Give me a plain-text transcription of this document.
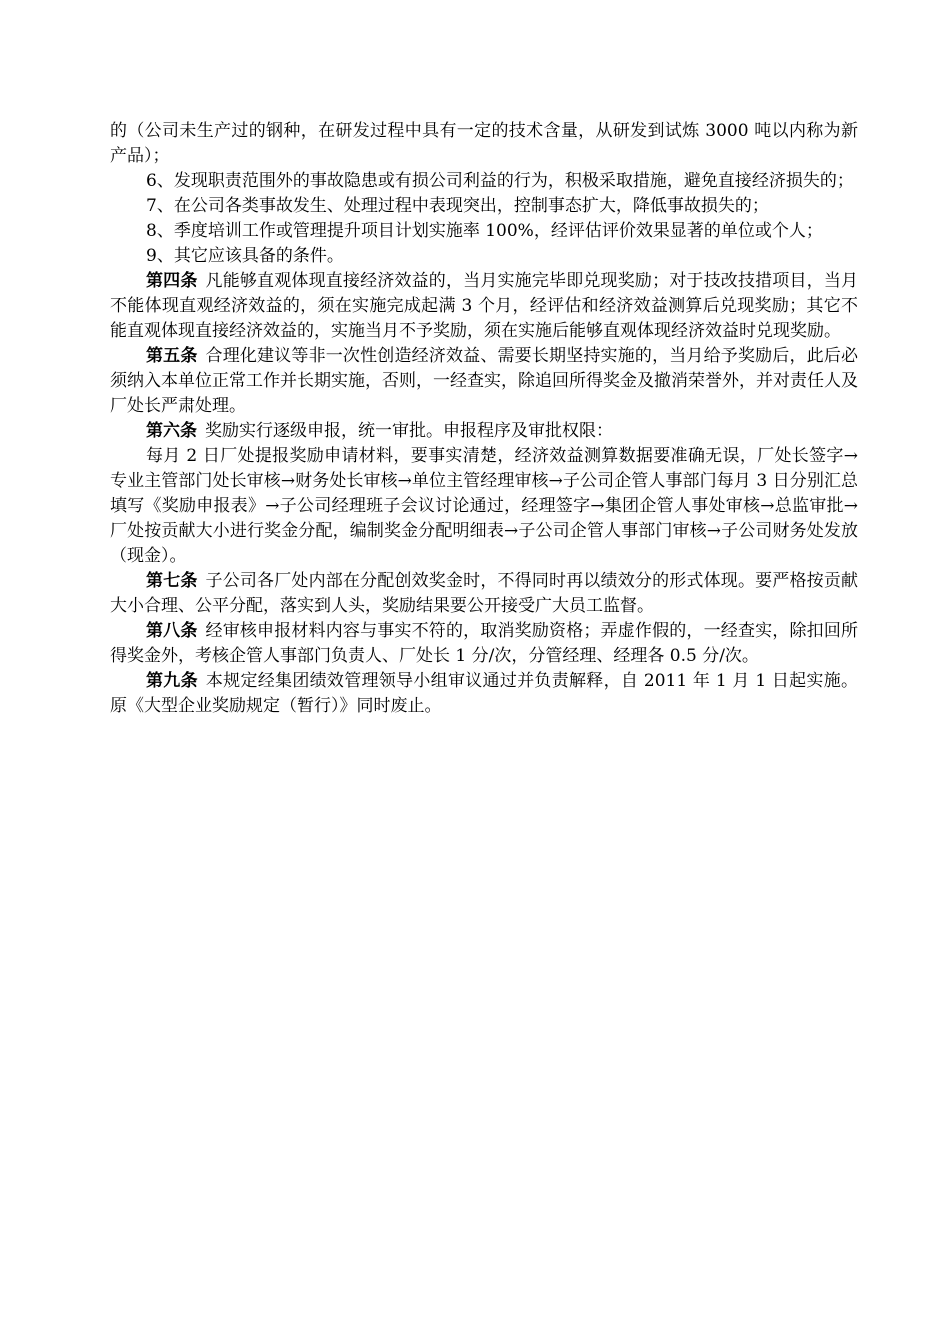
的（公司未生产过的钢种，在研发过程中具有一定的技术含量，从研发到试炼 3000 吨以内称为新产品）；

6、发现职责范围外的事故隐患或有损公司利益的行为，积极采取措施，避免直接经济损失的；

7、在公司各类事故发生、处理过程中表现突出，控制事态扩大，降低事故损失的；

8、季度培训工作或管理提升项目计划实施率 100%，经评估评价效果显著的单位或个人；

9、其它应该具备的条件。

第四条 凡能够直观体现直接经济效益的，当月实施完毕即兑现奖励；对于技改技措项目，当月不能体现直观经济效益的，须在实施完成起满 3 个月，经评估和经济效益测算后兑现奖励；其它不能直观体现直接经济效益的，实施当月不予奖励，须在实施后能够直观体现经济效益时兑现奖励。

第五条 合理化建议等非一次性创造经济效益、需要长期坚持实施的，当月给予奖励后，此后必须纳入本单位正常工作并长期实施，否则，一经查实，除追回所得奖金及撤消荣誉外，并对责任人及厂处长严肃处理。

第六条 奖励实行逐级申报，统一审批。申报程序及审批权限：

每月 2 日厂处提报奖励申请材料，要事实清楚，经济效益测算数据要准确无误，厂处长签字→专业主管部门处长审核→财务处长审核→单位主管经理审核→子公司企管人事部门每月 3 日分别汇总填写《奖励申报表》→子公司经理班子会议讨论通过，经理签字→集团企管人事处审核→总监审批→厂处按贡献大小进行奖金分配，编制奖金分配明细表→子公司企管人事部门审核→子公司财务处发放（现金）。

第七条 子公司各厂处内部在分配创效奖金时，不得同时再以绩效分的形式体现。要严格按贡献大小合理、公平分配，落实到人头，奖励结果要公开接受广大员工监督。

第八条 经审核申报材料内容与事实不符的，取消奖励资格；弄虚作假的，一经查实，除扣回所得奖金外，考核企管人事部门负责人、厂处长 1 分/次，分管经理、经理各 0.5 分/次。

第九条 本规定经集团绩效管理领导小组审议通过并负责解释，自 2011 年 1 月 1 日起实施。原《大型企业奖励规定（暂行）》同时废止。
